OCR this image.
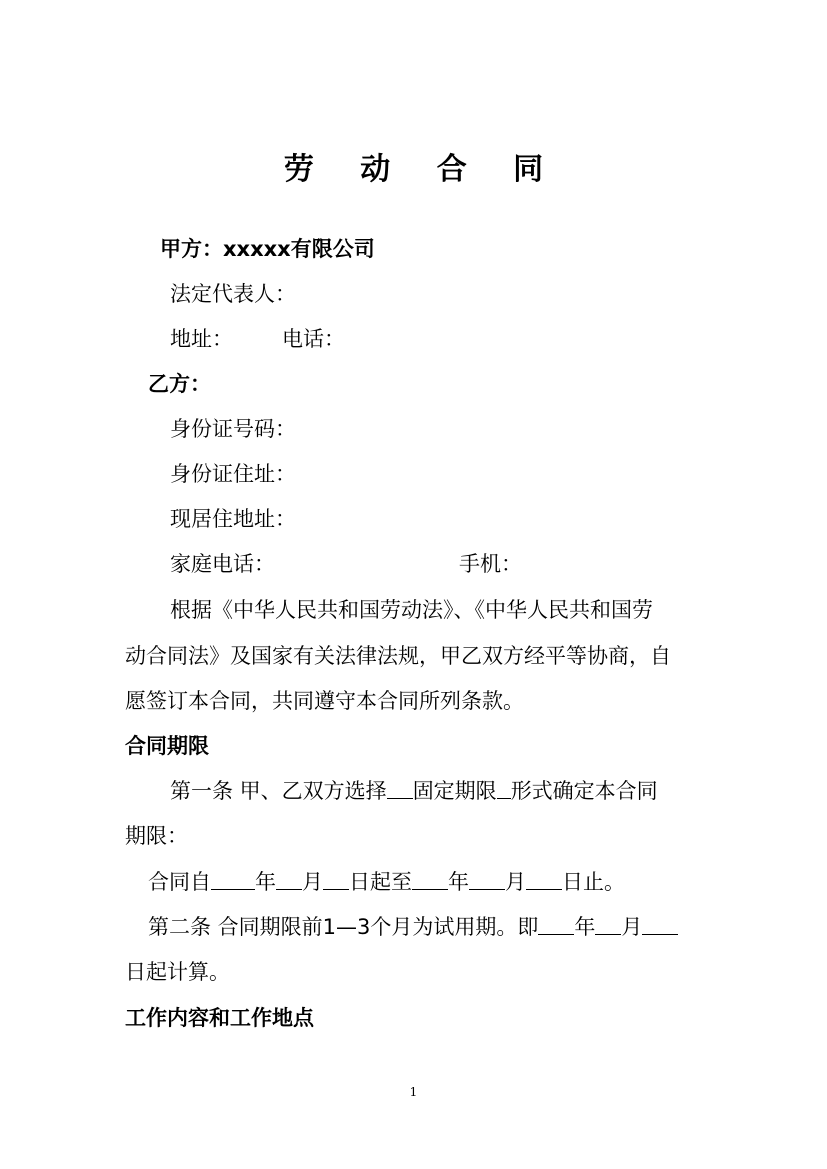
劳 动 合 同
甲方：xxxxx有限公司
法定代表人：
地址： 电话：
乙方：
身份证号码：
身份证住址：
现居住地址：
家庭电话：	手机：
根据《中华人民共和国劳动法》、《中华人民共和国劳
动合同法》及国家有关法律法规，甲乙双方经平等协商，自
愿签订本合同，共同遵守本合同所列条款。
合同期限
第一条 甲、乙双方选择 固定期限 形式确定本合同
期限：
合同自 年 月 日起至 年 月 日止。
第二条 合同期限前1—3个月为试用期。即 年 月
日起计算。
工作内容和工作地点
1
